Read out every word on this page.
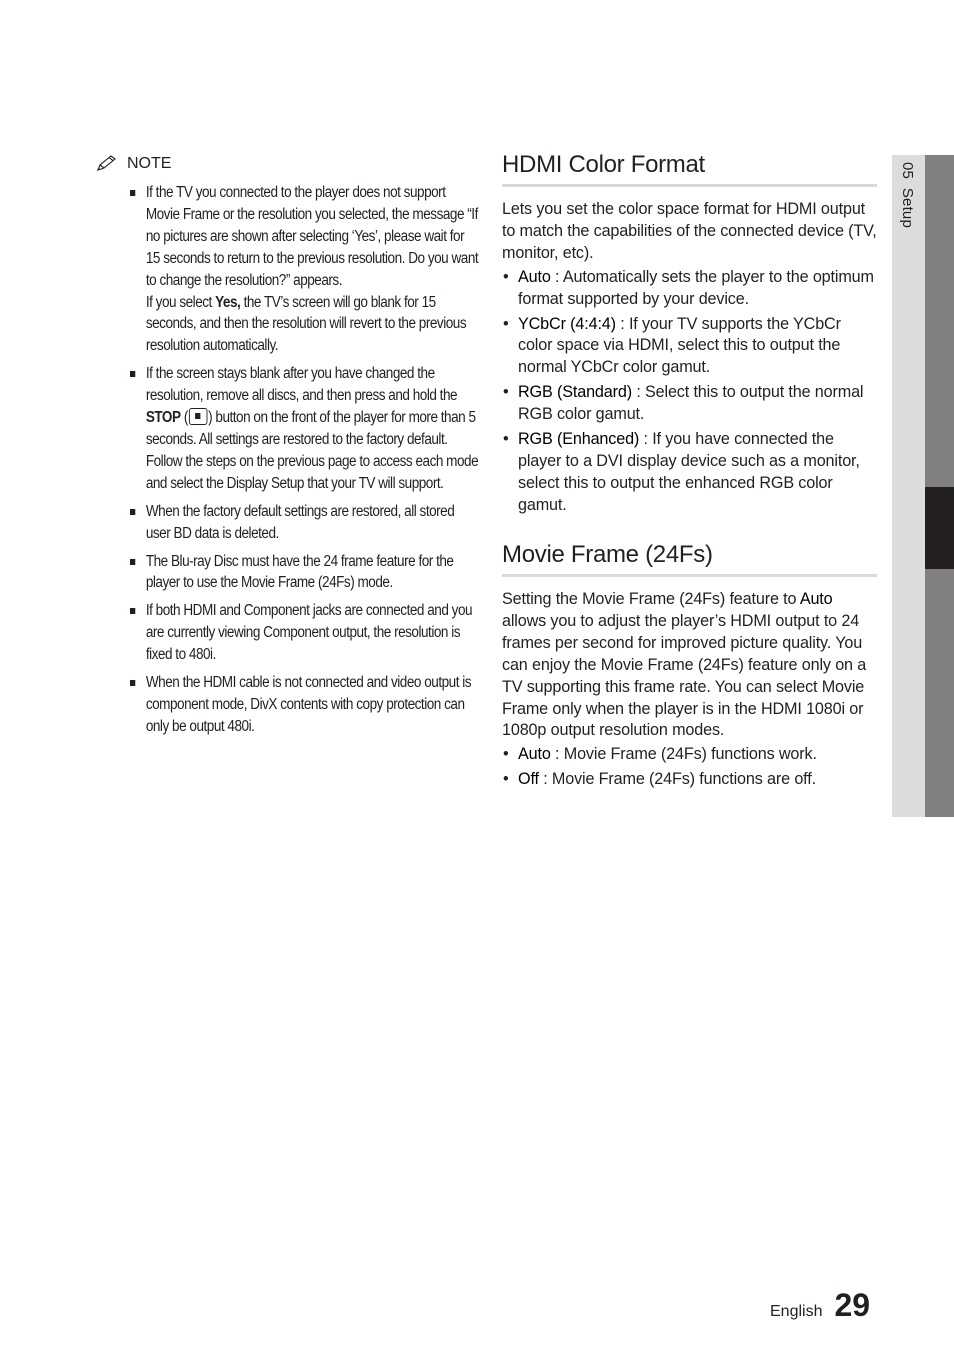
NOTE
If the TV you connected to the player does not support Movie Frame or the resolution you selected, the message “If no pictures are shown after selecting ‘Yes’, please wait for 15 seconds to return to the previous resolution. Do you want to change the resolution?” appears.
If you select Yes, the TV’s screen will go blank for 15 seconds, and then the resolution will revert to the previous resolution automatically.
If the screen stays blank after you have changed the resolution, remove all discs, and then press and hold the STOP ( ) button on the front of the player for more than 5 seconds. All settings are restored to the factory default. Follow the steps on the previous page to access each mode and select the Display Setup that your TV will support.
When the factory default settings are restored, all stored user BD data is deleted.
The Blu-ray Disc must have the 24 frame feature for the player to use the Movie Frame (24Fs) mode.
If both HDMI and Component jacks are connected and you are currently viewing Component output, the resolution is fixed to 480i.
When the HDMI cable is not connected and video output is component mode, DivX contents with copy protection can only be output 480i.
HDMI Color Format

Lets you set the color space format for HDMI output to match the capabilities of the connected device (TV, monitor, etc).

• Auto : Automatically sets the player to the optimum format supported by your device.
• YCbCr (4:4:4) : If your TV supports the YCbCr color space via HDMI, select this to output the normal YCbCr color gamut.
• RGB (Standard) : Select this to output the normal RGB color gamut.
• RGB (Enhanced) : If you have connected the player to a DVI display device such as a monitor, select this to output the enhanced RGB color gamut.
Movie Frame (24Fs)

Setting the Movie Frame (24Fs) feature to Auto allows you to adjust the player’s HDMI output to 24 frames per second for improved picture quality. You can enjoy the Movie Frame (24Fs) feature only on a TV supporting this frame rate. You can select Movie Frame only when the player is in the HDMI 1080i or 1080p output resolution modes.

• Auto : Movie Frame (24Fs) functions work.
• Off : Movie Frame (24Fs) functions are off.
05  Setup
English 29
